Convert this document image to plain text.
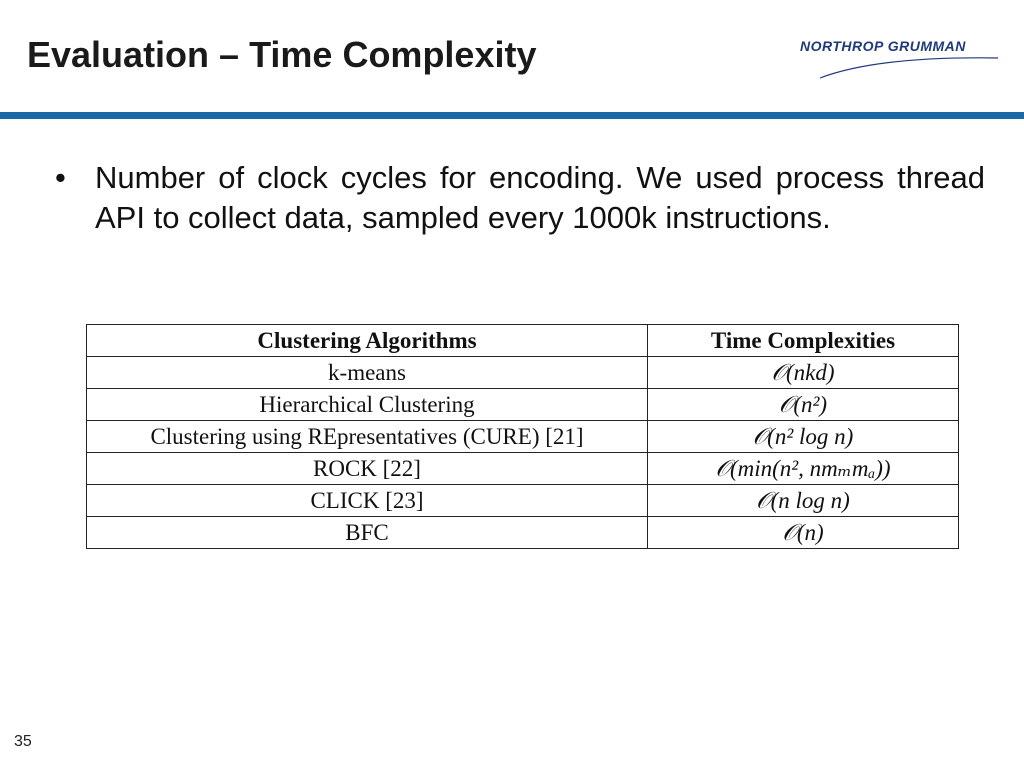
Evaluation – Time Complexity	NORTHROP GRUMMAN
• Number of clock cycles for encoding. We used process thread API to collect data, sampled every 1000k instructions.
Clustering Algorithms	Time Complexities
k-means	𝒪(nkd)
Hierarchical Clustering	𝒪(n²)
Clustering using REpresentatives (CURE) [21]	𝒪(n² log n)
ROCK [22]	𝒪(min(n², nmₘmₐ))
CLICK [23]	𝒪(n log n)
BFC	𝒪(n)
35
